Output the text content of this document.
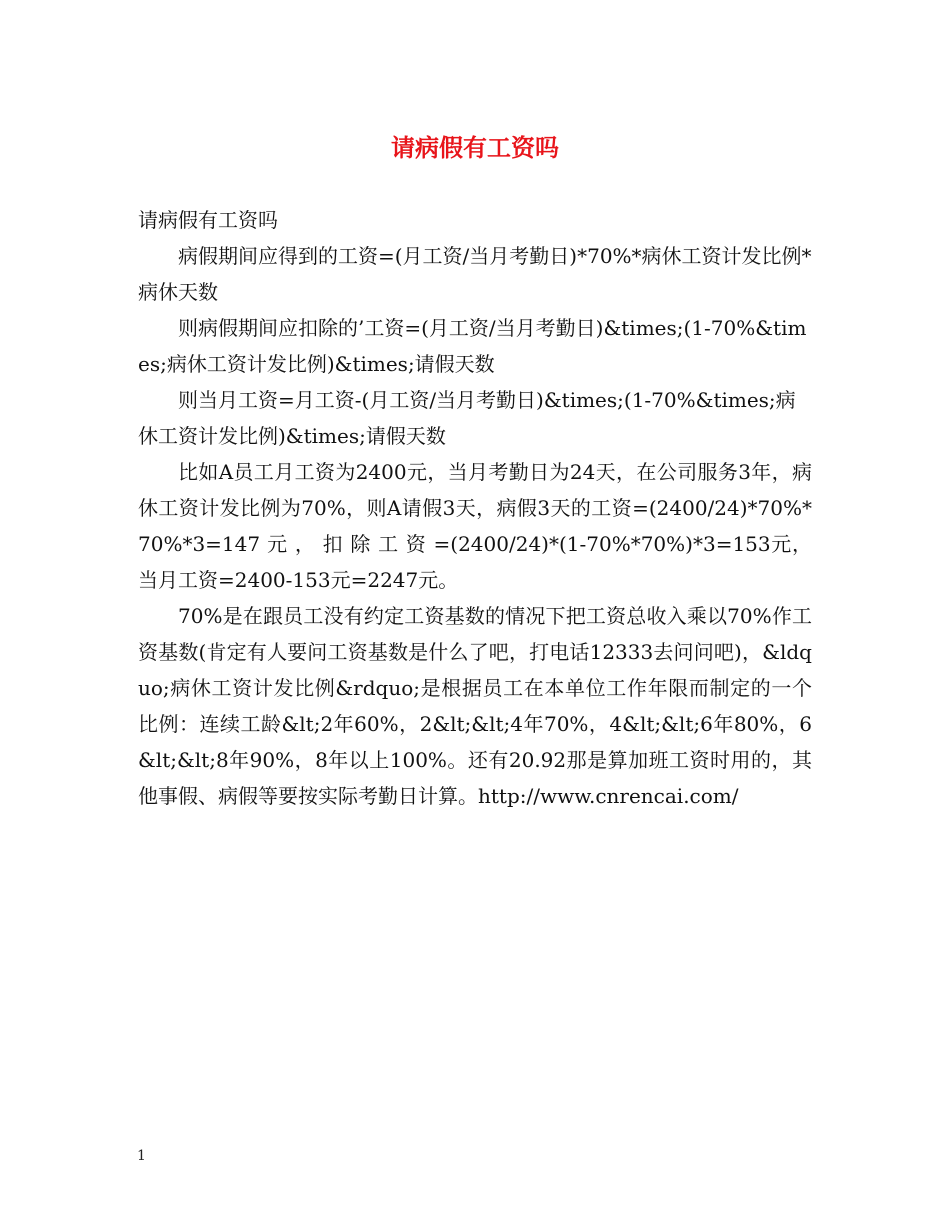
请病假有工资吗

请病假有工资吗

病假期间应得到的工资=(月工资/当月考勤日)*70%*病休工资计发比例*病休天数

则病假期间应扣除的’工资=(月工资/当月考勤日)&times;(1-70%&times;病休工资计发比例)&times;请假天数

则当月工资=月工资-(月工资/当月考勤日)&times;(1-70%&times;病休工资计发比例)&times;请假天数

比如A员工月工资为2400元，当月考勤日为24天，在公司服务3年，病休工资计发比例为70%，则A请假3天，病假3天的工资=(2400/24)*70%*70%*3=147 元 ， 扣 除 工 资 =(2400/24)*(1-70%*70%)*3=153元，当月工资=2400-153元=2247元。

70%是在跟员工没有约定工资基数的情况下把工资总收入乘以70%作工资基数(肯定有人要问工资基数是什么了吧，打电话12333去问问吧)，&ldquo;病休工资计发比例&rdquo;是根据员工在本单位工作年限而制定的一个比例：连续工龄&lt;2年60%，2&lt;&lt;4年70%，4&lt;&lt;6年80%，6&lt;&lt;8年90%，8年以上100%。还有20.92那是算加班工资时用的，其他事假、病假等要按实际考勤日计算。http://www.cnrencai.com/

1
